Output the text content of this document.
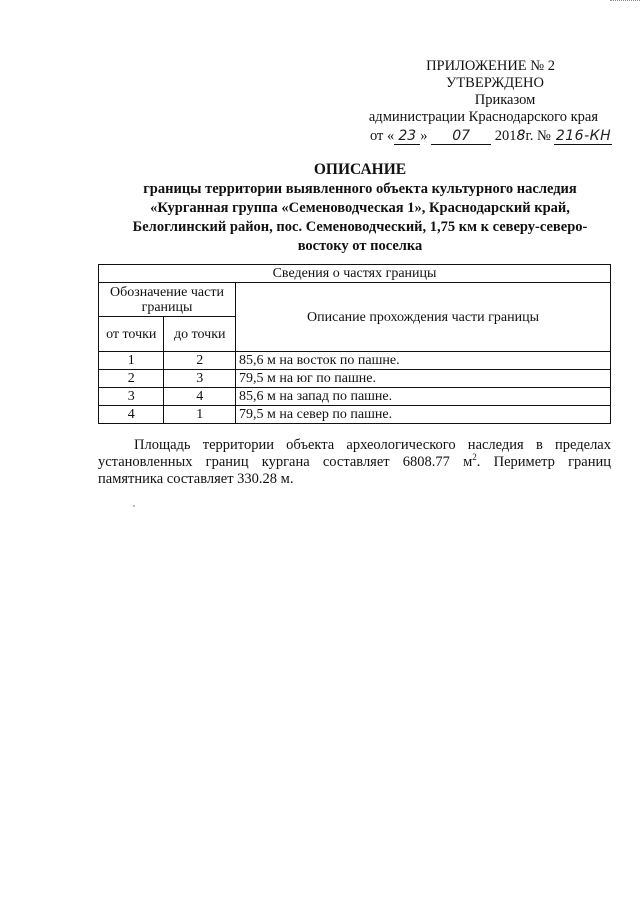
ПРИЛОЖЕНИЕ № 2
УТВЕРЖДЕНО
Приказом
администрации Краснодарского края
от « 23 » 07 2018г. № 216-КН
ОПИСАНИЕ
границы территории выявленного объекта культурного наследия
«Курганная группа «Семеноводческая 1», Краснодарский край,
Белоглинский район, пос. Семеноводческий, 1,75 км к северу-северо-
востоку от поселка
Сведения о частях границы		
Обозначение части границы		Описание прохождения части границы
от точки	до точки	
1	2	85,6 м на восток по пашне.
2	3	79,5 м на юг по пашне.
3	4	85,6 м на запад по пашне.
4	1	79,5 м на север по пашне.
Площадь территории объекта археологического наследия в пределах установленных границ кургана составляет 6808.77 $м^2$. Периметр границ памятника составляет 330.28 м.
